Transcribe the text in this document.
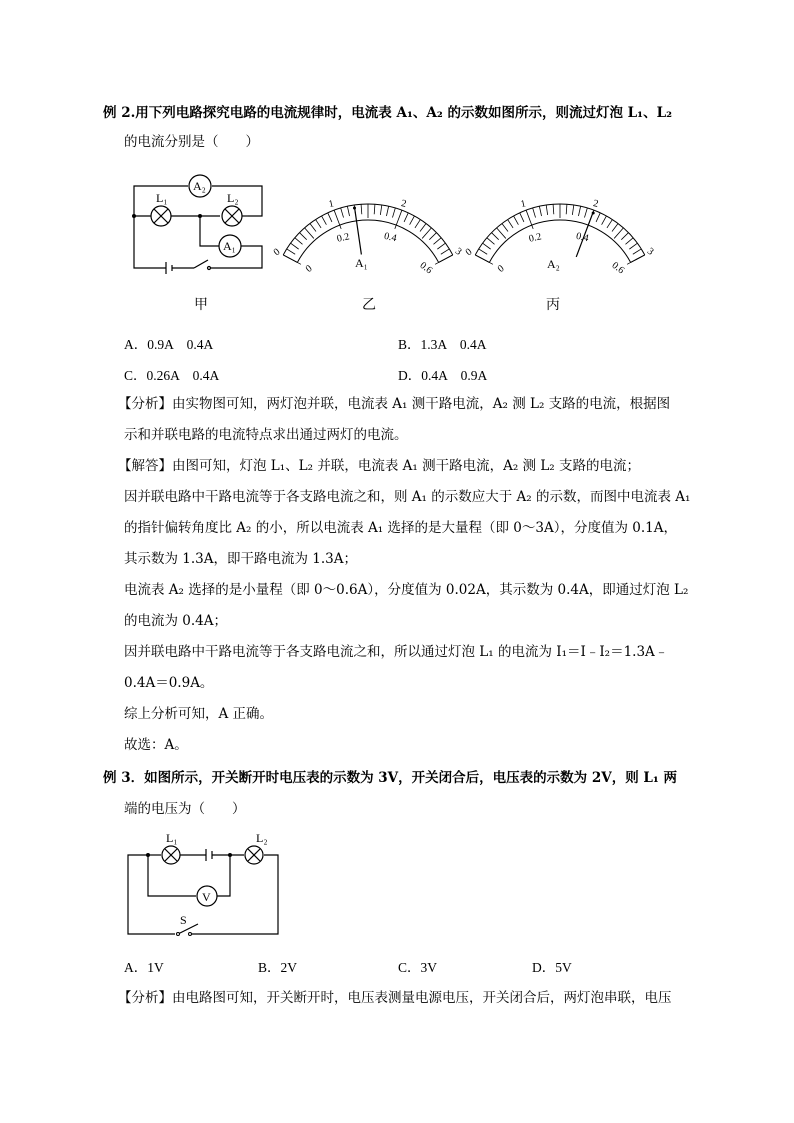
例 2.用下列电路探究电路的电流规律时，电流表 A₁、A₂ 的示数如图所示，则流过灯泡 L₁、L₂
的电流分别是（　　）
A₂
L₁	L₂
A₁	0
1	2
3
0
0.2	0.4
0.6
A₁
0
1	2
3
0
0.2	0.4
0.6
A₂
甲	乙	丙
A．0.9A　0.4A	B．1.3A　0.4A
C．0.26A　0.4A	D．0.4A　0.9A
【分析】由实物图可知，两灯泡并联，电流表 A₁ 测干路电流，A₂ 测 L₂ 支路的电流，根据图
示和并联电路的电流特点求出通过两灯的电流。
【解答】由图可知，灯泡 L₁、L₂ 并联，电流表 A₁ 测干路电流，A₂ 测 L₂ 支路的电流；
因并联电路中干路电流等于各支路电流之和，则 A₁ 的示数应大于 A₂ 的示数，而图中电流表 A₁
的指针偏转角度比 A₂ 的小，所以电流表 A₁ 选择的是大量程（即 0～3A），分度值为 0.1A，
其示数为 1.3A，即干路电流为 1.3A；
电流表 A₂ 选择的是小量程（即 0～0.6A），分度值为 0.02A，其示数为 0.4A，即通过灯泡 L₂
的电流为 0.4A；
因并联电路中干路电流等于各支路电流之和，所以通过灯泡 L₁ 的电流为 I₁＝I﹣I₂＝1.3A﹣
0.4A＝0.9A。
综上分析可知，A 正确。
故选：A。
例 3．如图所示，开关断开时电压表的示数为 3V，开关闭合后，电压表的示数为 2V，则 L₁ 两
端的电压为（　　）
L₁	L₂
V
S
A．1V	B．2V	C．3V	D．5V
【分析】由电路图可知，开关断开时，电压表测量电源电压，开关闭合后，两灯泡串联，电压
